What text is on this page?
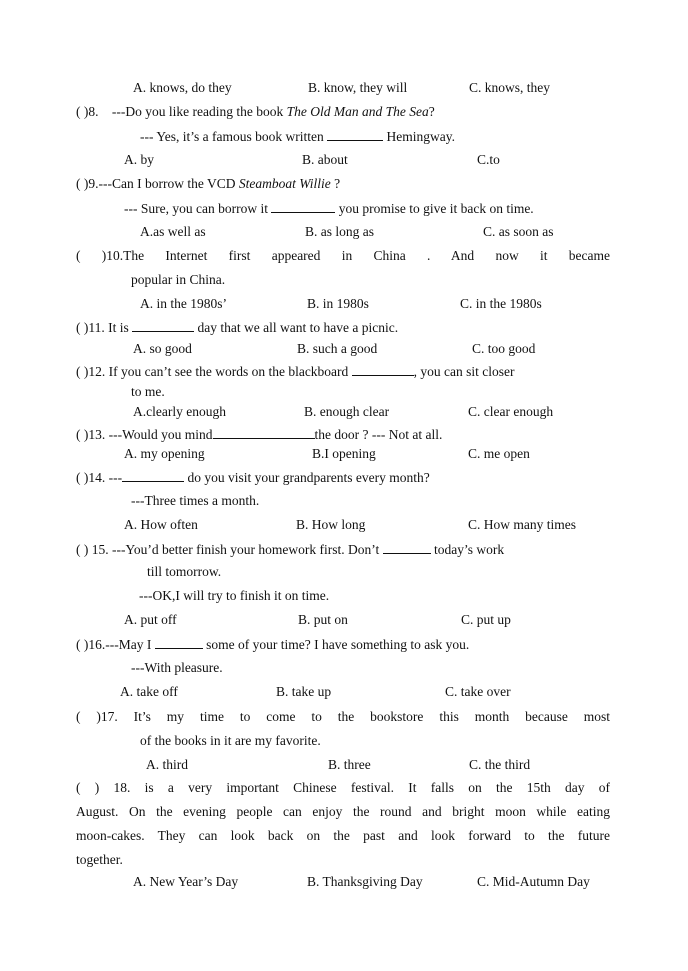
A. knows, do they	B. know, they will	C. knows, they
( )8. ---Do you like reading the book The Old Man and The Sea?
--- Yes, it’s a famous book written	Hemingway.
A. by	B. about	C.to
( )9.---Can I borrow the VCD Steamboat Willie ?
--- Sure, you can borrow it	you promise to give it back on time.
A.as well as	B. as long as	C. as soon as
( )10.The Internet first appeared in China . And now it became
popular in China.
A. in the 1980s’	B. in 1980s	C. in the 1980s
( )11. It is	day that we all want to have a picnic.
A. so good	B. such a good	C. too good
( )12. If you can’t see the words on the blackboard	, you can sit closer
to me.
A.clearly enough	B. enough clear	C. clear enough
( )13. ---Would you mind	the door ? --- Not at all.
A. my opening	B.I opening	C. me open
( )14. ---	do you visit your grandparents every month?
---Three times a month.
A. How often	B. How long	C. How many times
( ) 15. ---You’d better finish your homework first. Don’t	today’s work
till tomorrow.
---OK,I will try to finish it on time.
A. put off	B. put on	C. put up
( )16.---May I	some of your time? I have something to ask you.
---With pleasure.
A. take off	B. take up	C. take over
( )17. It’s my time to come to the bookstore this month because most
of the books in it are my favorite.
A. third	B. three	C. the third
( ) 18. is a very important Chinese festival. It falls on the 15th day of
August. On the evening people can enjoy the round and bright moon while eating
moon-cakes. They can look back on the past and look forward to the future
together.
A. New Year’s Day	B. Thanksgiving Day	C. Mid-Autumn Day
